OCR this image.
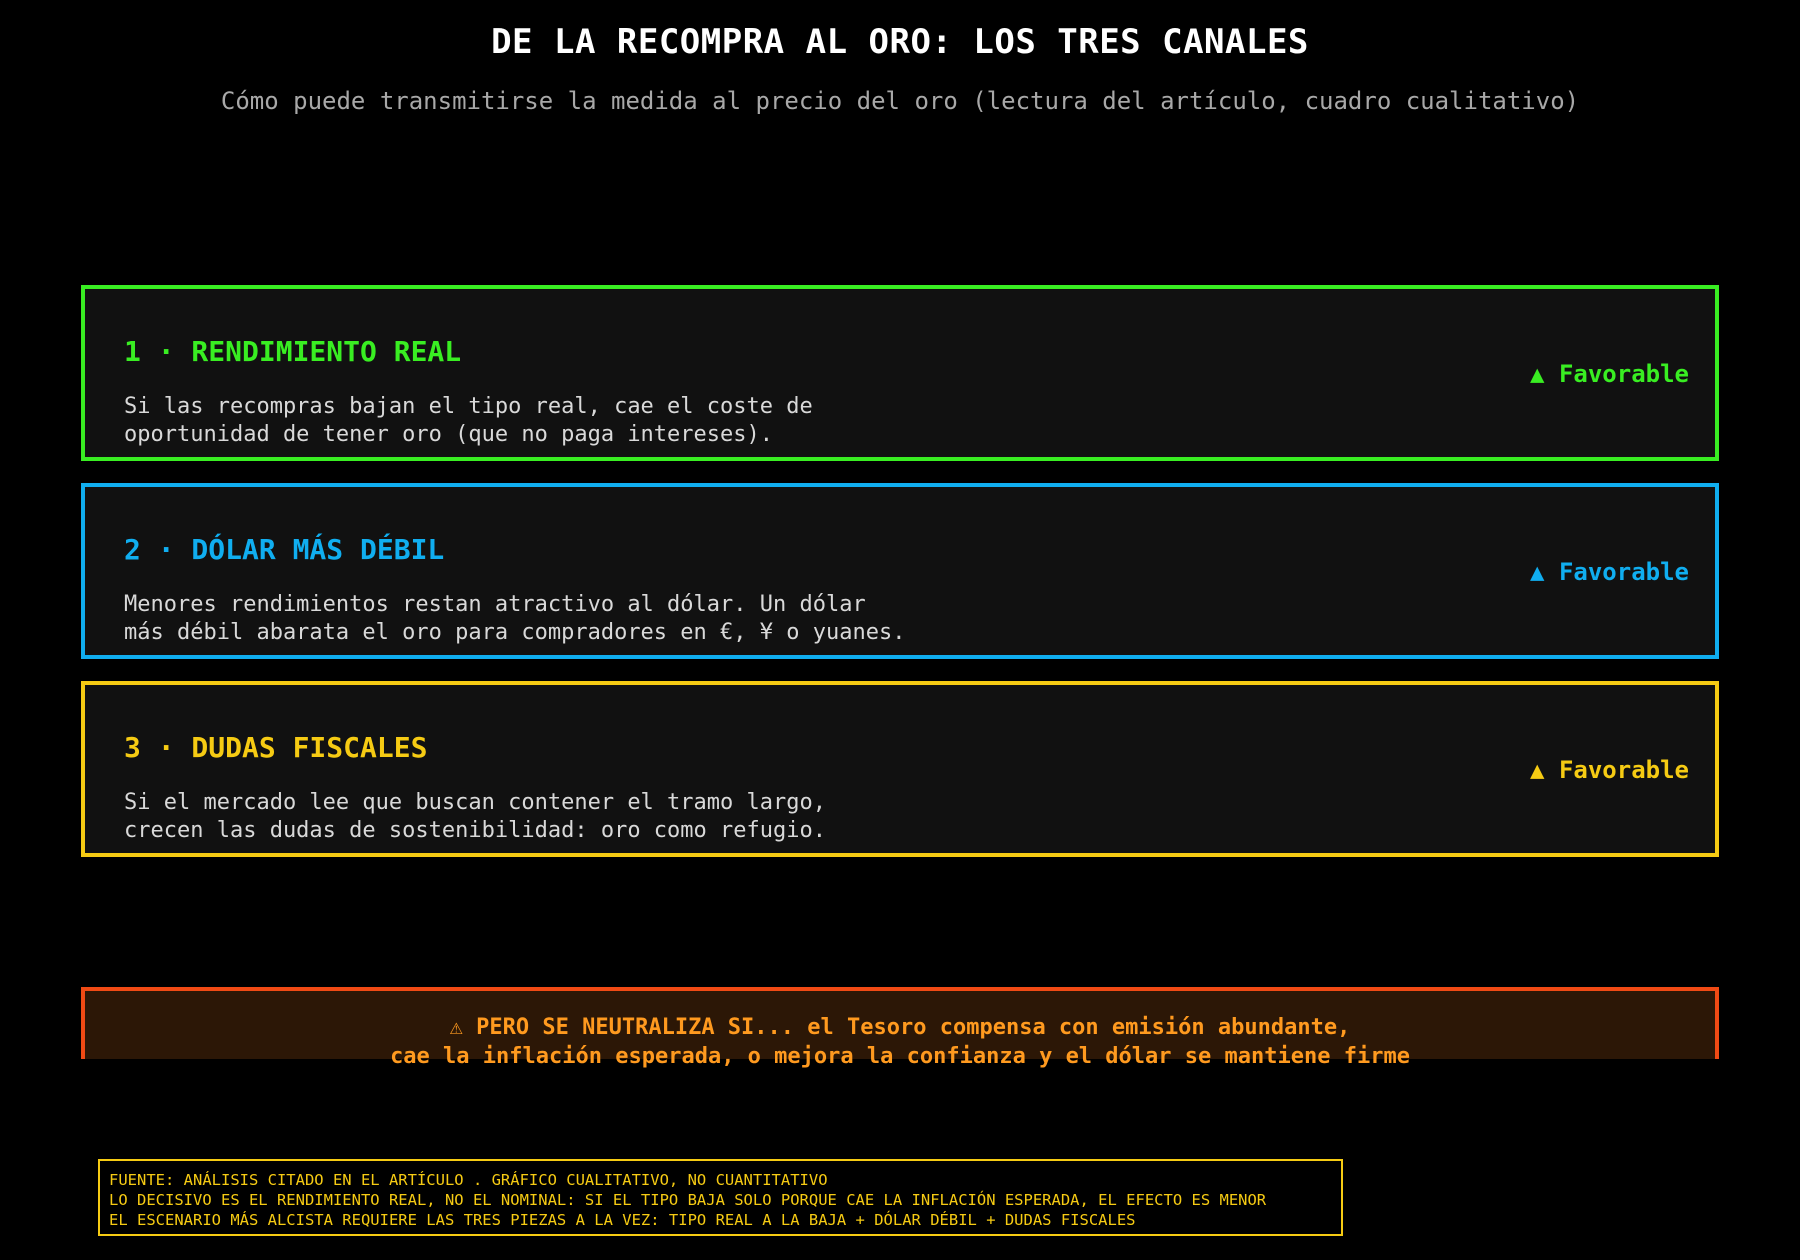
DE LA RECOMPRA AL ORO: LOS TRES CANALES
Cómo puede transmitirse la medida al precio del oro (lectura del artículo, cuadro cualitativo)
1 · RENDIMIENTO REAL
Si las recompras bajan el tipo real, cae el coste de
oportunidad de tener oro (que no paga intereses).
▲ Favorable
2 · DÓLAR MÁS DÉBIL
Menores rendimientos restan atractivo al dólar. Un dólar
más débil abarata el oro para compradores en €, ¥ o yuanes.
▲ Favorable
3 · DUDAS FISCALES
Si el mercado lee que buscan contener el tramo largo,
crecen las dudas de sostenibilidad: oro como refugio.
▲ Favorable
⚠ PERO SE NEUTRALIZA SI... el Tesoro compensa con emisión abundante,
cae la inflación esperada, o mejora la confianza y el dólar se mantiene firme
FUENTE: ANÁLISIS CITADO EN EL ARTÍCULO . GRÁFICO CUALITATIVO, NO CUANTITATIVO
LO DECISIVO ES EL RENDIMIENTO REAL, NO EL NOMINAL: SI EL TIPO BAJA SOLO PORQUE CAE LA INFLACIÓN ESPERADA, EL EFECTO ES MENOR
EL ESCENARIO MÁS ALCISTA REQUIERE LAS TRES PIEZAS A LA VEZ: TIPO REAL A LA BAJA + DÓLAR DÉBIL + DUDAS FISCALES
